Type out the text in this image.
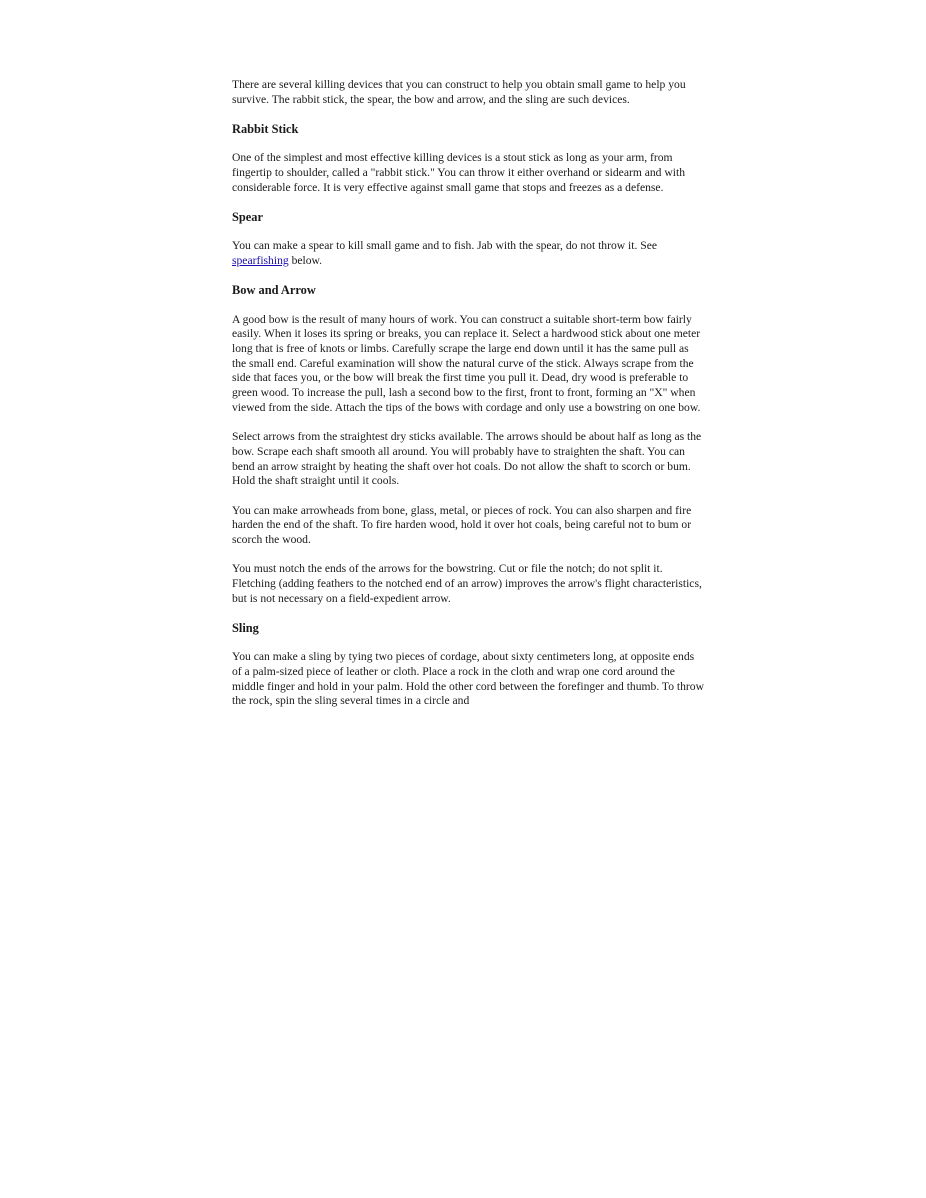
There are several killing devices that you can construct to help you obtain small game to help you survive. The rabbit stick, the spear, the bow and arrow, and the sling are such devices.

Rabbit Stick

One of the simplest and most effective killing devices is a stout stick as long as your arm, from fingertip to shoulder, called a "rabbit stick." You can throw it either overhand or sidearm and with considerable force. It is very effective against small game that stops and freezes as a defense.

Spear

You can make a spear to kill small game and to fish. Jab with the spear, do not throw it. See spearfishing below.

Bow and Arrow

A good bow is the result of many hours of work. You can construct a suitable short-term bow fairly easily. When it loses its spring or breaks, you can replace it. Select a hardwood stick about one meter long that is free of knots or limbs. Carefully scrape the large end down until it has the same pull as the small end. Careful examination will show the natural curve of the stick. Always scrape from the side that faces you, or the bow will break the first time you pull it. Dead, dry wood is preferable to green wood. To increase the pull, lash a second bow to the first, front to front, forming an "X" when viewed from the side. Attach the tips of the bows with cordage and only use a bowstring on one bow.

Select arrows from the straightest dry sticks available. The arrows should be about half as long as the bow. Scrape each shaft smooth all around. You will probably have to straighten the shaft. You can bend an arrow straight by heating the shaft over hot coals. Do not allow the shaft to scorch or bum. Hold the shaft straight until it cools.

You can make arrowheads from bone, glass, metal, or pieces of rock. You can also sharpen and fire harden the end of the shaft. To fire harden wood, hold it over hot coals, being careful not to bum or scorch the wood.

You must notch the ends of the arrows for the bowstring. Cut or file the notch; do not split it. Fletching (adding feathers to the notched end of an arrow) improves the arrow's flight characteristics, but is not necessary on a field-expedient arrow.

Sling

You can make a sling by tying two pieces of cordage, about sixty centimeters long, at opposite ends of a palm-sized piece of leather or cloth. Place a rock in the cloth and wrap one cord around the middle finger and hold in your palm. Hold the other cord between the forefinger and thumb. To throw the rock, spin the sling several times in a circle and
